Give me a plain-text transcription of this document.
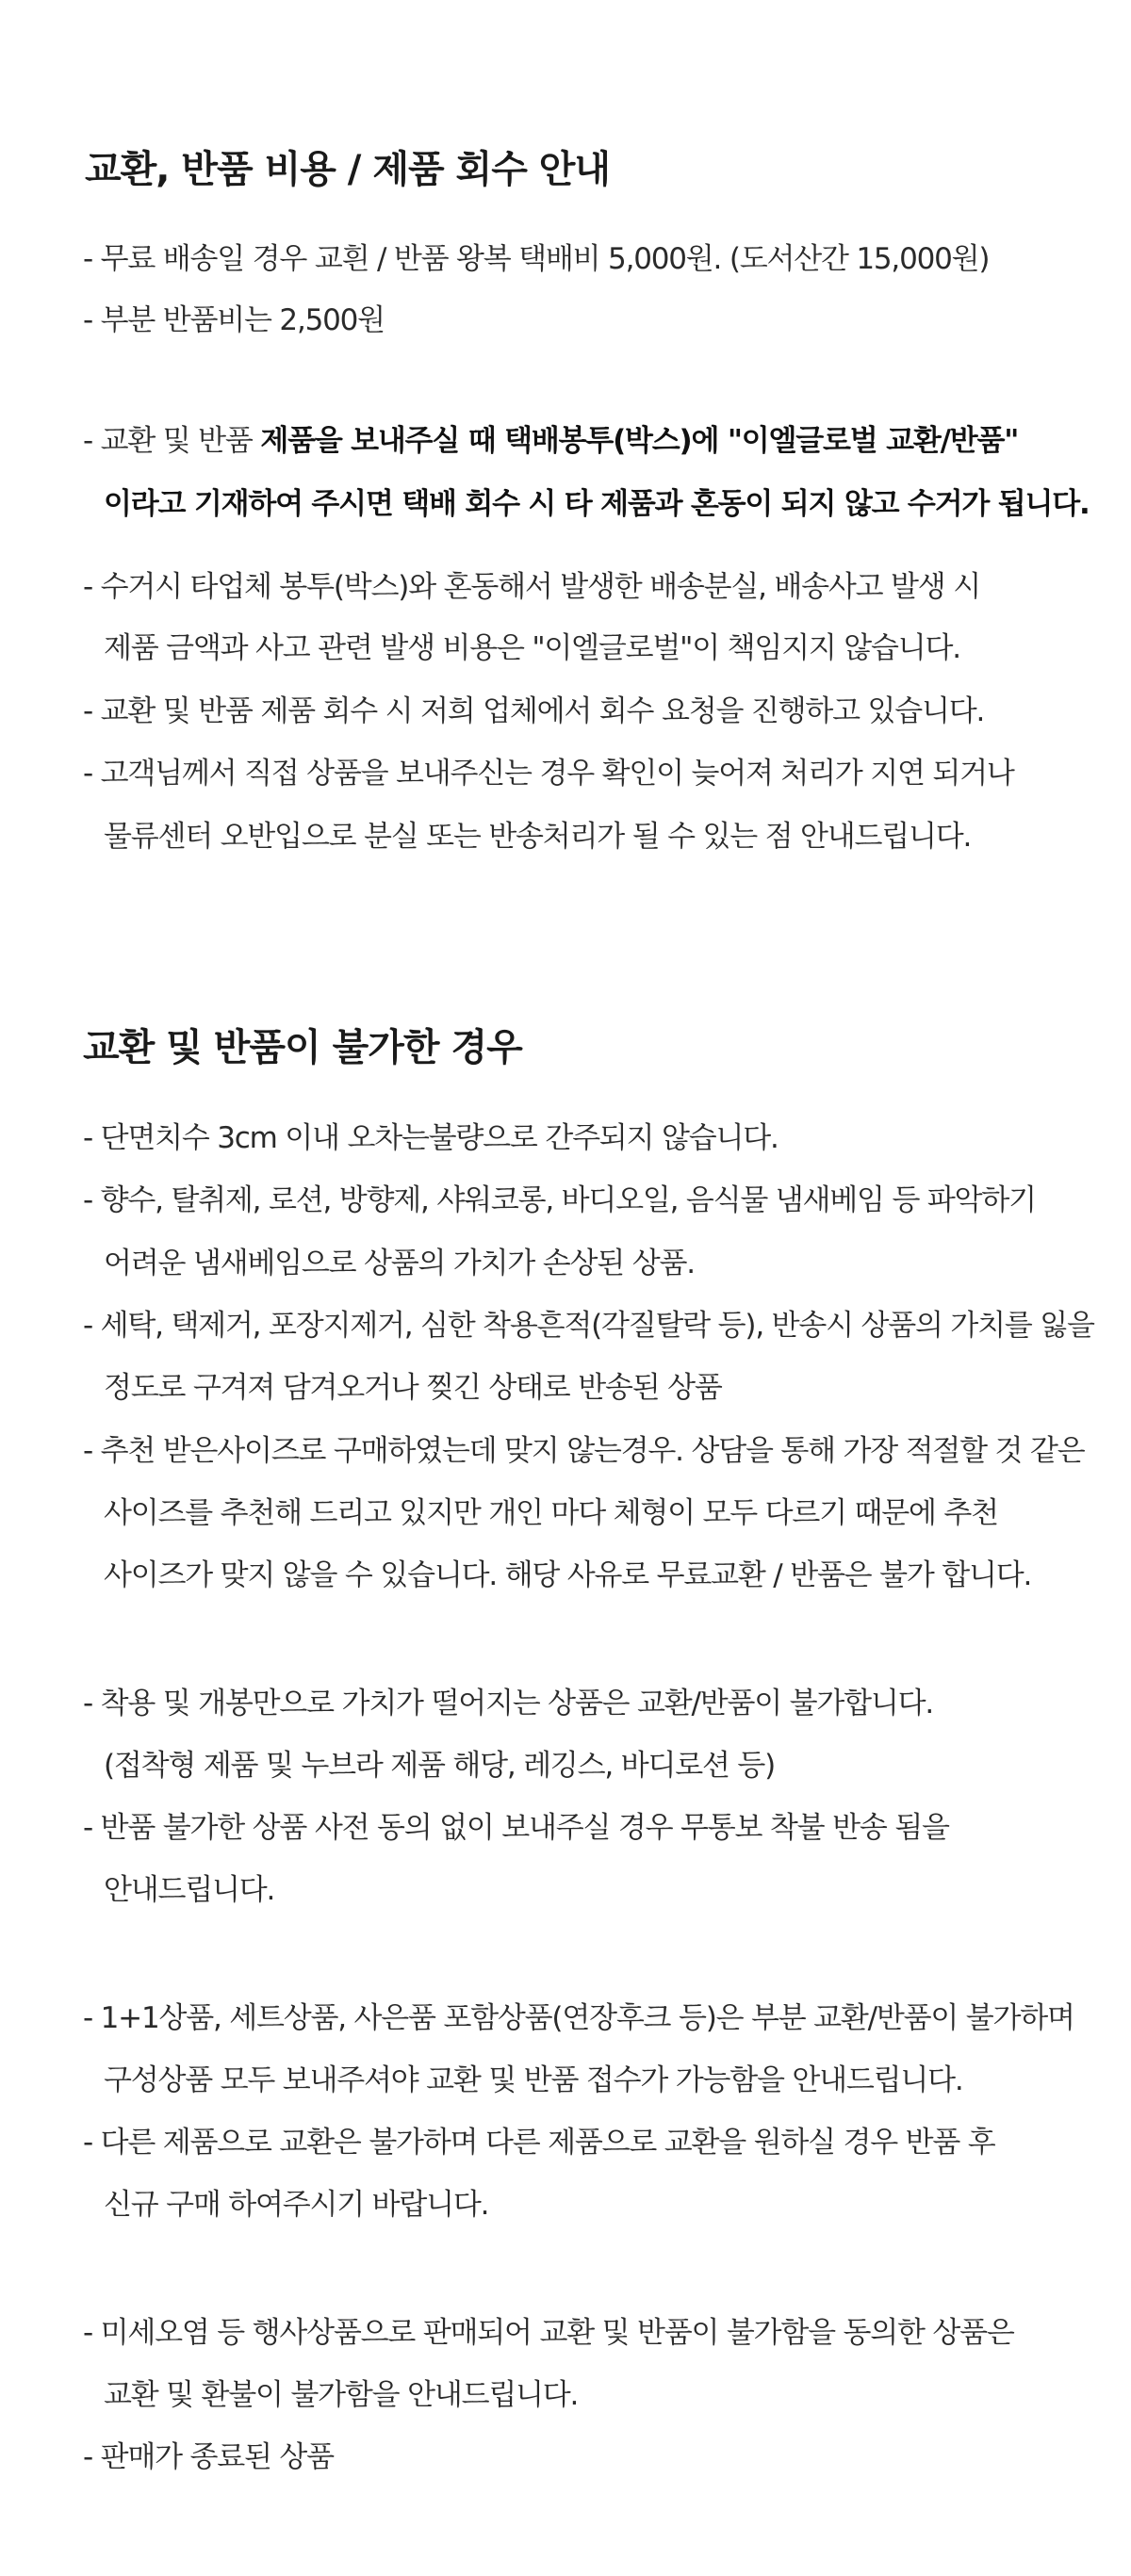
교환, 반품 비용 / 제품 회수 안내

- 무료 배송일 경우 교흰 / 반품 왕복 택배비 5,000원. (도서산간 15,000원)

- 부분 반품비는 2,500원

- 교환 및 반품 제품을 보내주실 때 택배봉투(박스)에 "이엘글로벌 교환/반품"

이라고 기재하여 주시면 택배 회수 시 타 제품과 혼동이 되지 않고 수거가 됩니다.

- 수거시 타업체 봉투(박스)와 혼동해서 발생한 배송분실, 배송사고 발생 시

제품 금액과 사고 관련 발생 비용은 "이엘글로벌"이 책임지지 않습니다.

- 교환 및 반품 제품 회수 시 저희 업체에서 회수 요청을 진행하고 있습니다.

- 고객님께서 직접 상품을 보내주신는 경우 확인이 늦어져 처리가 지연 되거나

물류센터 오반입으로 분실 또는 반송처리가 될 수 있는 점 안내드립니다.

교환 및 반품이 불가한 경우

- 단면치수 3cm 이내 오차는불량으로 간주되지 않습니다.

- 향수, 탈취제, 로션, 방향제, 샤워코롱, 바디오일, 음식물 냄새베임 등 파악하기

어려운 냄새베임으로 상품의 가치가 손상된 상품.

- 세탁, 택제거, 포장지제거, 심한 착용흔적(각질탈락 등), 반송시 상품의 가치를 잃을

정도로 구겨져 담겨오거나 찢긴 상태로 반송된 상품

- 추천 받은사이즈로 구매하였는데 맞지 않는경우. 상담을 통해 가장 적절할 것 같은

사이즈를 추천해 드리고 있지만 개인 마다 체형이 모두 다르기 때문에 추천

사이즈가 맞지 않을 수 있습니다. 해당 사유로 무료교환 / 반품은 불가 합니다.

- 착용 및 개봉만으로 가치가 떨어지는 상품은 교환/반품이 불가합니다.

(접착형 제품 및 누브라 제품 해당, 레깅스, 바디로션 등)

- 반품 불가한 상품 사전 동의 없이 보내주실 경우 무통보 착불 반송 됨을

안내드립니다.

- 1+1상품, 세트상품, 사은품 포함상품(연장후크 등)은 부분 교환/반품이 불가하며

구성상품 모두 보내주셔야 교환 및 반품 접수가 가능함을 안내드립니다.

- 다른 제품으로 교환은 불가하며 다른 제품으로 교환을 원하실 경우 반품 후

신규 구매 하여주시기 바랍니다.

- 미세오염 등 행사상품으로 판매되어 교환 및 반품이 불가함을 동의한 상품은

교환 및 환불이 불가함을 안내드립니다.

- 판매가 종료된 상품
